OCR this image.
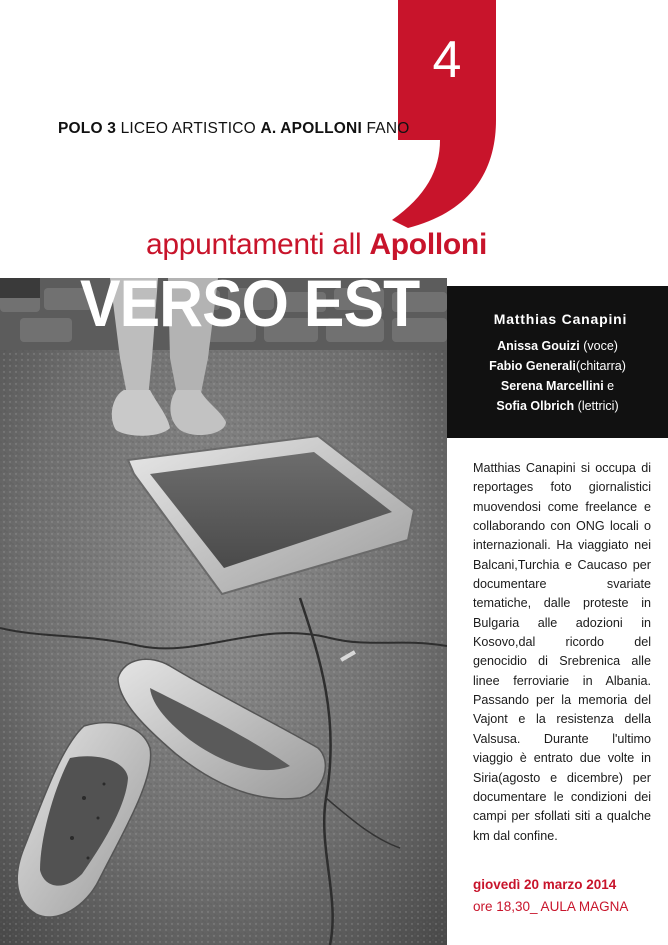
4
POLO 3 LICEO ARTISTICO A. APOLLONI FANO
appuntamenti all Apolloni
VERSO EST	Matthias Canapini
Anissa Gouizi (voce)
Fabio Generali(chitarra)
Serena Marcellini e
Sofia Olbrich (lettrici)
Matthias Canapini si occupa di reportages foto giornalistici muovendosi come freelance e collaborando con ONG locali o internazionali. Ha viaggiato nei Balcani,Turchia e Caucaso per documentare svariate tematiche, dalle proteste in Bulgaria alle adozioni in Kosovo,dal ricordo del genocidio di Srebrenica alle linee ferroviarie in Albania. Passando per la memoria del Vajont e la resistenza della Valsusa. Durante l'ultimo viaggio è entrato due volte in Siria(agosto e dicembre) per documentare le condizioni dei campi per sfollati siti a qualche km dal confine.
giovedì 20 marzo 2014
ore 18,30_ AULA MAGNA
